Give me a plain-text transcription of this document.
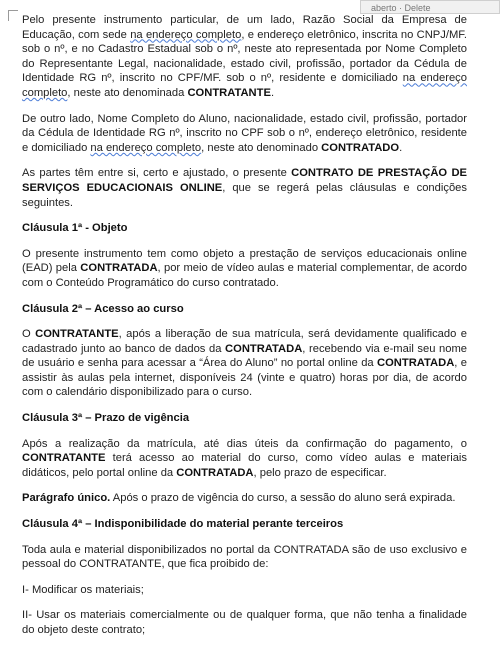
aberto · Delete

Pelo presente instrumento particular, de um lado, Razão Social da Empresa de Educação, com sede na endereço completo, e endereço eletrônico, inscrita no CNPJ/MF. sob o nº, e no Cadastro Estadual sob o nº, neste ato representada por Nome Completo do Representante Legal, nacionalidade, estado civil, profissão, portador da Cédula de Identidade RG nº, inscrito no CPF/MF. sob o nº, residente e domiciliado na endereço completo, neste ato denominada CONTRATANTE.

De outro lado, Nome Completo do Aluno, nacionalidade, estado civil, profissão, portador da Cédula de Identidade RG nº, inscrito no CPF sob o nº, endereço eletrônico, residente e domiciliado na endereço completo, neste ato denominado CONTRATADO.

As partes têm entre si, certo e ajustado, o presente CONTRATO DE PRESTAÇÃO DE SERVIÇOS EDUCACIONAIS ONLINE, que se regerá pelas cláusulas e condições seguintes.

Cláusula 1ª - Objeto

O presente instrumento tem como objeto a prestação de serviços educacionais online (EAD) pela CONTRATADA, por meio de vídeo aulas e material complementar, de acordo com o Conteúdo Programático do curso contratado.

Cláusula 2ª – Acesso ao curso

O CONTRATANTE, após a liberação de sua matrícula, será devidamente qualificado e cadastrado junto ao banco de dados da CONTRATADA, recebendo via e-mail seu nome de usuário e senha para acessar a “Área do Aluno” no portal online da CONTRATADA, e assistir às aulas pela internet, disponíveis 24 (vinte e quatro) horas por dia, de acordo com o calendário disponibilizado para o curso.

Cláusula 3ª – Prazo de vigência

Após a realização da matrícula, até dias úteis da confirmação do pagamento, o CONTRATANTE terá acesso ao material do curso, como vídeo aulas e materiais didáticos, pelo portal online da CONTRATADA, pelo prazo de especificar.

Parágrafo único. Após o prazo de vigência do curso, a sessão do aluno será expirada.

Cláusula 4ª – Indisponibilidade do material perante terceiros

Toda aula e material disponibilizados no portal da CONTRATADA são de uso exclusivo e pessoal do CONTRATANTE, que fica proibido de:

I- Modificar os materiais;

II- Usar os materiais comercialmente ou de qualquer forma, que não tenha a finalidade do objeto deste contrato;
